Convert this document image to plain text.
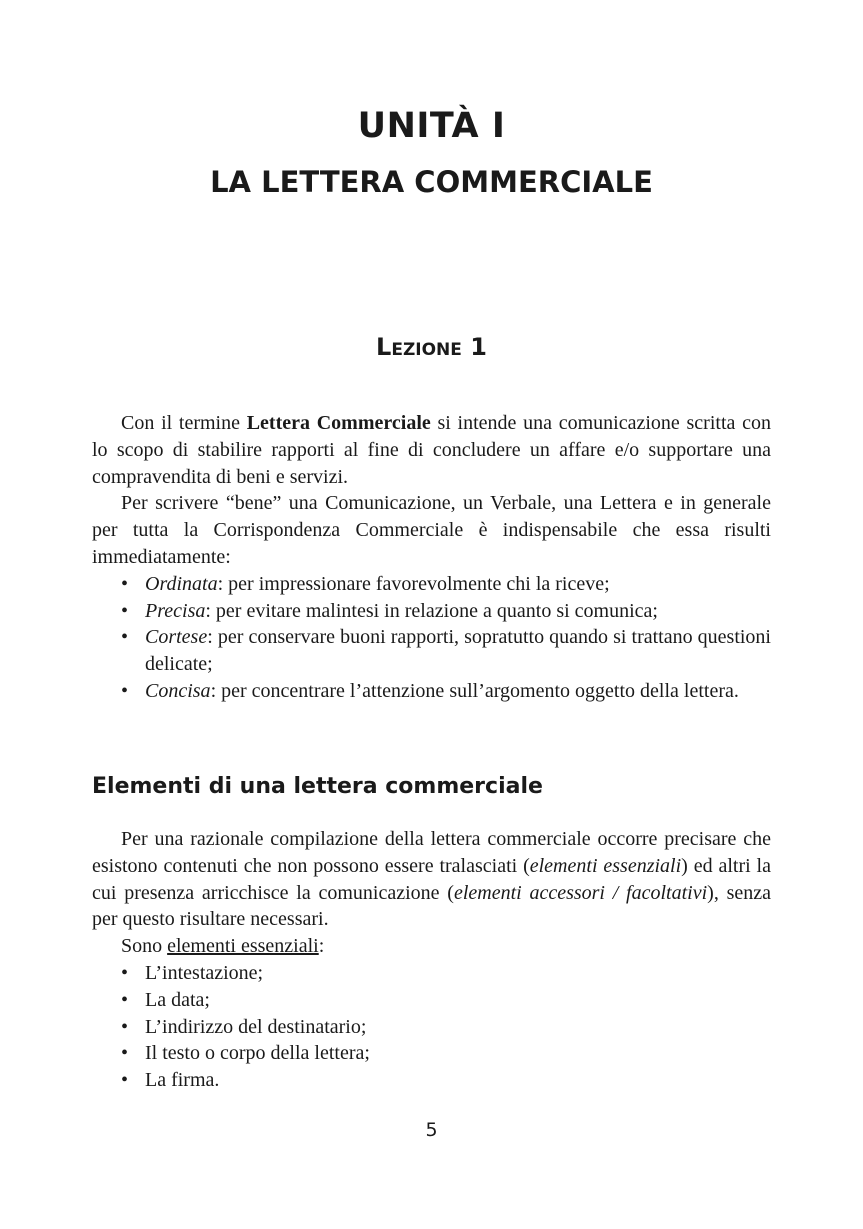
UNITÀ I
LA LETTERA COMMERCIALE
Lezione 1

Con il termine Lettera Commerciale si intende una comunicazione scritta con lo scopo di stabilire rapporti al fine di concludere un affare e/o supportare una compravendita di beni e servizi.

Per scrivere “bene” una Comunicazione, un Verbale, una Lettera e in generale per tutta la Corrispondenza Commerciale è indispensabile che essa risulti immediatamente:

• Ordinata: per impressionare favorevolmente chi la riceve;
• Precisa: per evitare malintesi in relazione a quanto si comunica;
• Cortese: per conservare buoni rapporti, sopratutto quando si trattano questioni delicate;
• Concisa: per concentrare l’attenzione sull’argomento oggetto della lettera.
Elementi di una lettera commerciale

Per una razionale compilazione della lettera commerciale occorre precisare che esistono contenuti che non possono essere tralasciati (elementi essenziali) ed altri la cui presenza arricchisce la comunicazione (elementi accessori / facoltativi), senza per questo risultare necessari.

Sono elementi essenziali:

• L’intestazione;
• La data;
• L’indirizzo del destinatario;
• Il testo o corpo della lettera;
• La firma.
5
